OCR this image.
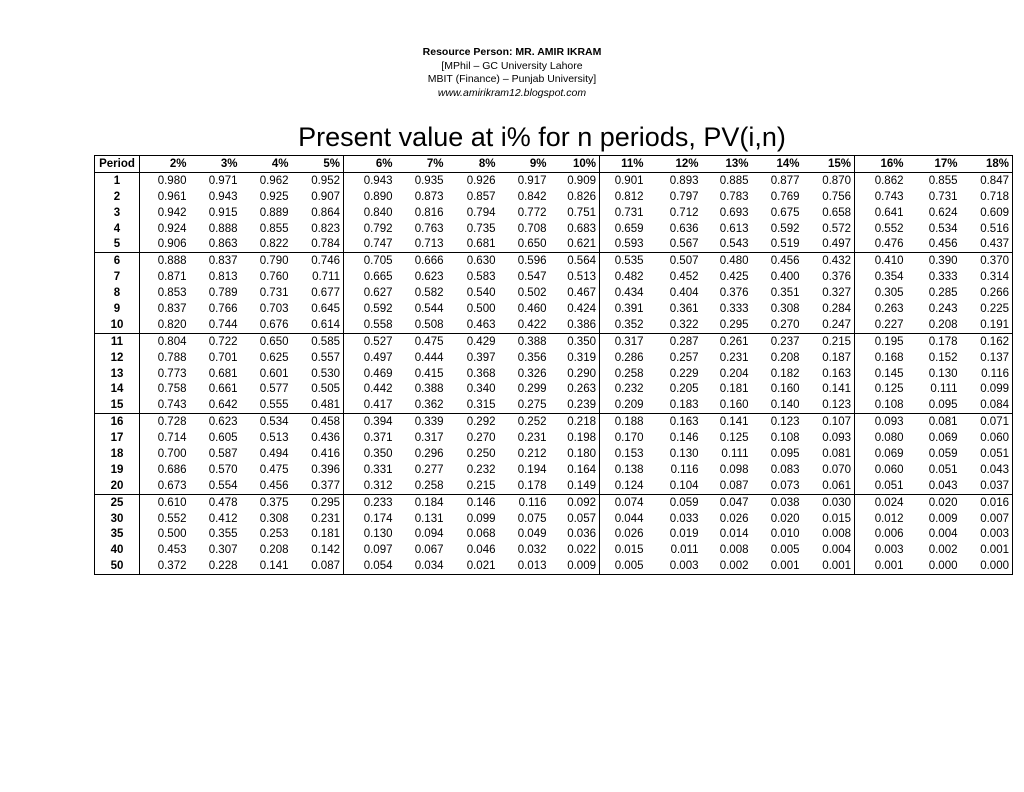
Resource Person: MR. AMIR IKRAM
[MPhil – GC University Lahore
MBIT (Finance) – Punjab University]
www.amirikram12.blogspot.com
Present value at i% for n periods, PV(i,n)
Period	2%	3%	4%	5%	6%	7%	8%	9%	10%	11%	12%	13%	14%	15%	16%	17%	18%
1	0.980	0.971	0.962	0.952	0.943	0.935	0.926	0.917	0.909	0.901	0.893	0.885	0.877	0.870	0.862	0.855	0.847
2	0.961	0.943	0.925	0.907	0.890	0.873	0.857	0.842	0.826	0.812	0.797	0.783	0.769	0.756	0.743	0.731	0.718
3	0.942	0.915	0.889	0.864	0.840	0.816	0.794	0.772	0.751	0.731	0.712	0.693	0.675	0.658	0.641	0.624	0.609
4	0.924	0.888	0.855	0.823	0.792	0.763	0.735	0.708	0.683	0.659	0.636	0.613	0.592	0.572	0.552	0.534	0.516
5	0.906	0.863	0.822	0.784	0.747	0.713	0.681	0.650	0.621	0.593	0.567	0.543	0.519	0.497	0.476	0.456	0.437
6	0.888	0.837	0.790	0.746	0.705	0.666	0.630	0.596	0.564	0.535	0.507	0.480	0.456	0.432	0.410	0.390	0.370
7	0.871	0.813	0.760	0.711	0.665	0.623	0.583	0.547	0.513	0.482	0.452	0.425	0.400	0.376	0.354	0.333	0.314
8	0.853	0.789	0.731	0.677	0.627	0.582	0.540	0.502	0.467	0.434	0.404	0.376	0.351	0.327	0.305	0.285	0.266
9	0.837	0.766	0.703	0.645	0.592	0.544	0.500	0.460	0.424	0.391	0.361	0.333	0.308	0.284	0.263	0.243	0.225
10	0.820	0.744	0.676	0.614	0.558	0.508	0.463	0.422	0.386	0.352	0.322	0.295	0.270	0.247	0.227	0.208	0.191
11	0.804	0.722	0.650	0.585	0.527	0.475	0.429	0.388	0.350	0.317	0.287	0.261	0.237	0.215	0.195	0.178	0.162
12	0.788	0.701	0.625	0.557	0.497	0.444	0.397	0.356	0.319	0.286	0.257	0.231	0.208	0.187	0.168	0.152	0.137
13	0.773	0.681	0.601	0.530	0.469	0.415	0.368	0.326	0.290	0.258	0.229	0.204	0.182	0.163	0.145	0.130	0.116
14	0.758	0.661	0.577	0.505	0.442	0.388	0.340	0.299	0.263	0.232	0.205	0.181	0.160	0.141	0.125	0.111	0.099
15	0.743	0.642	0.555	0.481	0.417	0.362	0.315	0.275	0.239	0.209	0.183	0.160	0.140	0.123	0.108	0.095	0.084
16	0.728	0.623	0.534	0.458	0.394	0.339	0.292	0.252	0.218	0.188	0.163	0.141	0.123	0.107	0.093	0.081	0.071
17	0.714	0.605	0.513	0.436	0.371	0.317	0.270	0.231	0.198	0.170	0.146	0.125	0.108	0.093	0.080	0.069	0.060
18	0.700	0.587	0.494	0.416	0.350	0.296	0.250	0.212	0.180	0.153	0.130	0.111	0.095	0.081	0.069	0.059	0.051
19	0.686	0.570	0.475	0.396	0.331	0.277	0.232	0.194	0.164	0.138	0.116	0.098	0.083	0.070	0.060	0.051	0.043
20	0.673	0.554	0.456	0.377	0.312	0.258	0.215	0.178	0.149	0.124	0.104	0.087	0.073	0.061	0.051	0.043	0.037
25	0.610	0.478	0.375	0.295	0.233	0.184	0.146	0.116	0.092	0.074	0.059	0.047	0.038	0.030	0.024	0.020	0.016
30	0.552	0.412	0.308	0.231	0.174	0.131	0.099	0.075	0.057	0.044	0.033	0.026	0.020	0.015	0.012	0.009	0.007
35	0.500	0.355	0.253	0.181	0.130	0.094	0.068	0.049	0.036	0.026	0.019	0.014	0.010	0.008	0.006	0.004	0.003
40	0.453	0.307	0.208	0.142	0.097	0.067	0.046	0.032	0.022	0.015	0.011	0.008	0.005	0.004	0.003	0.002	0.001
50	0.372	0.228	0.141	0.087	0.054	0.034	0.021	0.013	0.009	0.005	0.003	0.002	0.001	0.001	0.001	0.000	0.000
